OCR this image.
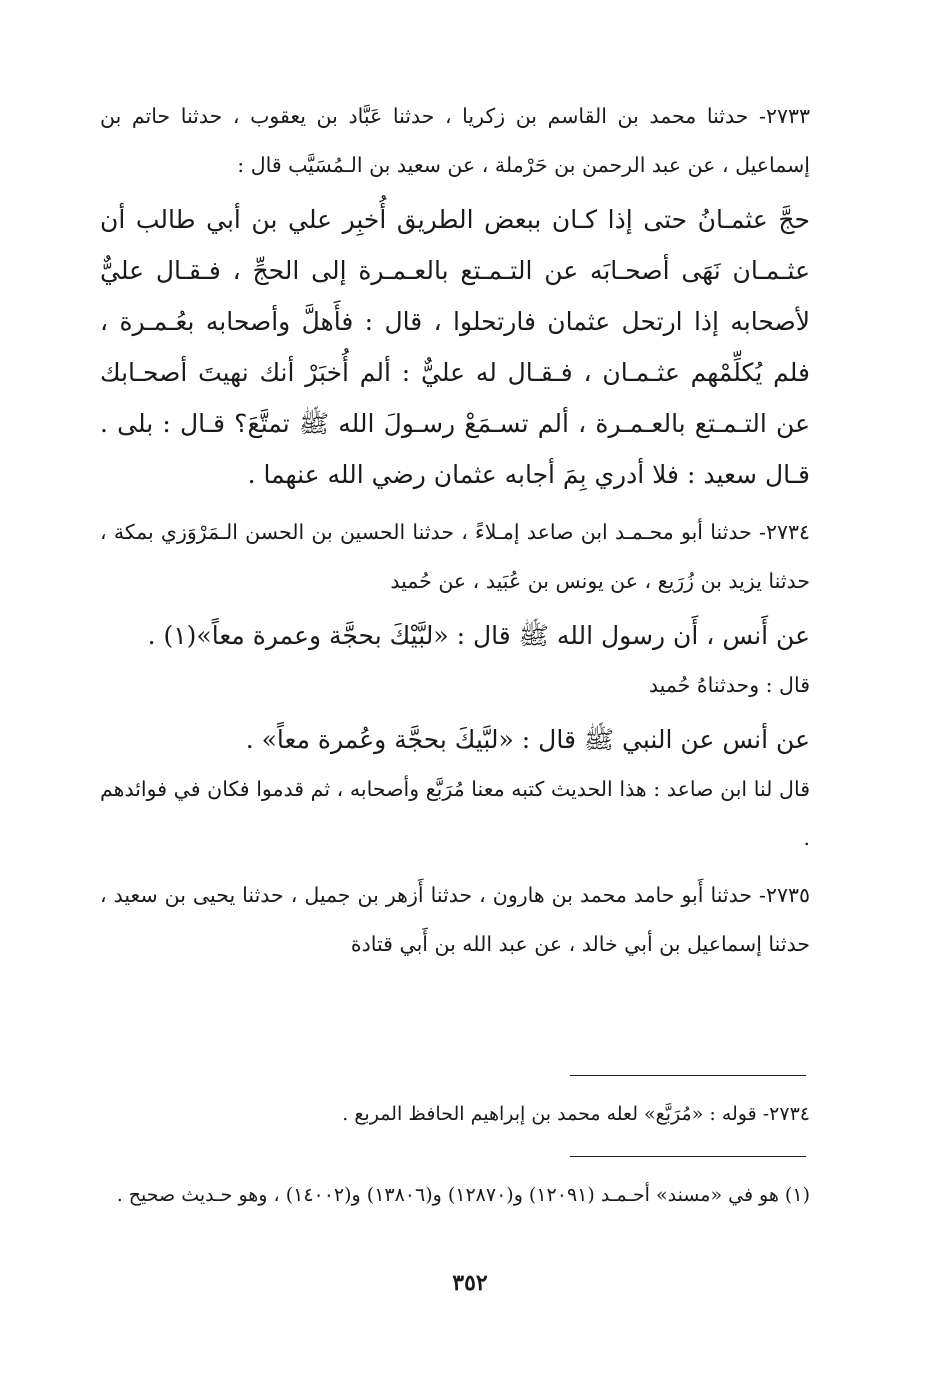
٢٧٣٣- حدثنا محمد بن القاسم بن زكريا ، حدثنا عَبَّاد بن يعقوب ، حدثنا حاتم بن إسماعيل ، عن عبد الرحمن بن حَرْملة ، عن سعيد بن الـمُسَيَّب قال :

حجَّ عثمـانُ حتى إذا كـان ببعض الطريق أُخبِر علي بن أبي طالب أن عثـمـان نَهَى أصحـابَه عن التـمـتع بالعـمـرة إلى الحجِّ ، فـقـال عليٌّ لأصحابه إذا ارتحل عثمان فارتحلوا ، قال : فأَهلَّ وأصحابه بعُـمـرة ، فلم يُكلِّمْهم عثـمـان ، فـقـال له عليٌّ : ألم أُخبَرْ أنك نهيتَ أصحـابك عن التـمـتع بالعـمـرة ، ألم تسـمَعْ رسـولَ الله ﷺ تمتَّعَ؟ قـال : بلى . قـال سعيد : فلا أدري بِمَ أجابه عثمان رضي الله عنهما .

٢٧٣٤- حدثنا أبو محـمـد ابن صاعد إمـلاءً ، حدثنا الحسين بن الحسن الـمَرْوَزي بمكة ، حدثنا يزيد بن زُرَيع ، عن يونس بن عُبَيد ، عن حُميد

عن أَنس ، أَن رسول الله ﷺ قال : «لبَّيْكَ بحجَّة وعمرة معاً»(١) .

قال : وحدثناهُ حُميد

عن أنس عن النبي ﷺ قال : «لبَّيكَ بحجَّة وعُمرة معاً» .

قال لنا ابن صاعد : هذا الحديث كتبه معنا مُرَبَّع وأصحابه ، ثم قدموا فكان في فوائدهم .

٢٧٣٥- حدثنا أَبو حامد محمد بن هارون ، حدثنا أَزهر بن جميل ، حدثنا يحيى بن سعيد ، حدثنا إسماعيل بن أبي خالد ، عن عبد الله بن أَبي قتادة

٢٧٣٤- قوله : «مُرَبَّع» لعله محمد بن إبراهيم الحافظ المربع .

(١) هو في «مسند» أحـمـد (١٢٠٩١) و(١٢٨٧٠) و(١٣٨٠٦) و(١٤٠٠٢) ، وهو حـديث صحيح .

٣٥٢
